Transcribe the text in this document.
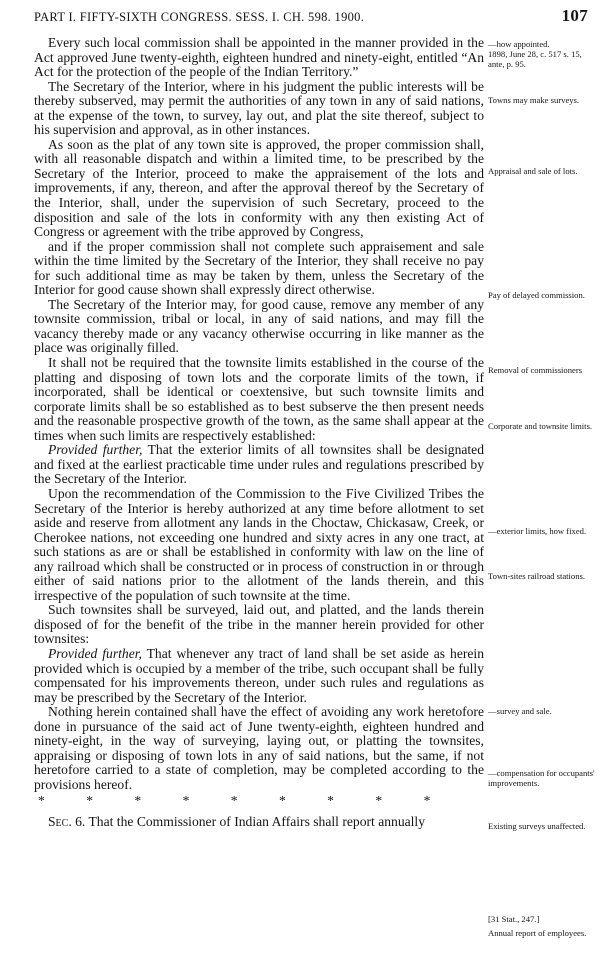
PART I. FIFTY-SIXTH CONGRESS. SESS. I. CH. 598. 1900.	107

Every such local commission shall be appointed in the manner provided in the Act approved June twenty-eighth, eighteen hundred and ninety-eight, entitled “An Act for the protection of the people of the Indian Territory.”

The Secretary of the Interior, where in his judgment the public interests will be thereby subserved, may permit the authorities of any town in any of said nations, at the expense of the town, to survey, lay out, and plat the site thereof, subject to his supervision and approval, as in other instances.

As soon as the plat of any town site is approved, the proper commission shall, with all reasonable dispatch and within a limited time, to be prescribed by the Secretary of the Interior, proceed to make the appraisement of the lots and improvements, if any, thereon, and after the approval thereof by the Secretary of the Interior, shall, under the supervision of such Secretary, proceed to the disposition and sale of the lots in conformity with any then existing Act of Congress or agreement with the tribe approved by Congress,

and if the proper commission shall not complete such appraisement and sale within the time limited by the Secretary of the Interior, they shall receive no pay for such additional time as may be taken by them, unless the Secretary of the Interior for good cause shown shall expressly direct otherwise.

The Secretary of the Interior may, for good cause, remove any member of any townsite commission, tribal or local, in any of said nations, and may fill the vacancy thereby made or any vacancy otherwise occurring in like manner as the place was originally filled.

It shall not be required that the townsite limits established in the course of the platting and disposing of town lots and the corporate limits of the town, if incorporated, shall be identical or coextensive, but such townsite limits and corporate limits shall be so established as to best subserve the then present needs and the reasonable prospective growth of the town, as the same shall appear at the times when such limits are respectively established:

Provided further, That the exterior limits of all townsites shall be designated and fixed at the earliest practicable time under rules and regulations prescribed by the Secretary of the Interior.

Upon the recommendation of the Commission to the Five Civilized Tribes the Secretary of the Interior is hereby authorized at any time before allotment to set aside and reserve from allotment any lands in the Choctaw, Chickasaw, Creek, or Cherokee nations, not exceeding one hundred and sixty acres in any one tract, at such stations as are or shall be established in conformity with law on the line of any railroad which shall be constructed or in process of construction in or through either of said nations prior to the allotment of the lands therein, and this irrespective of the population of such townsite at the time.

Such townsites shall be surveyed, laid out, and platted, and the lands therein disposed of for the benefit of the tribe in the manner herein provided for other townsites:

Provided further, That whenever any tract of land shall be set aside as herein provided which is occupied by a member of the tribe, such occupant shall be fully compensated for his improvements thereon, under such rules and regulations as may be prescribed by the Secretary of the Interior.

Nothing herein contained shall have the effect of avoiding any work heretofore done in pursuance of the said act of June twenty-eighth, eighteen hundred and ninety-eight, in the way of surveying, laying out, or platting the townsites, appraising or disposing of town lots in any of said nations, but the same, if not heretofore carried to a state of completion, may be completed according to the provisions hereof.

* * * * * * * * *

Sec. 6. That the Commissioner of Indian Affairs shall report annually

—how appointed.
1898, June 28, c. 517 s. 15, ante, p. 95.
Towns may make surveys.
Appraisal and sale of lots.
Pay of delayed commission.
Removal of commissioners
Corporate and townsite limits.
—exterior limits, how fixed.
Town-sites railroad stations.
—survey and sale.
—compensation for occupants' improvements.
Existing surveys unaffected.
[31 Stat., 247.]
Annual report of employees.
